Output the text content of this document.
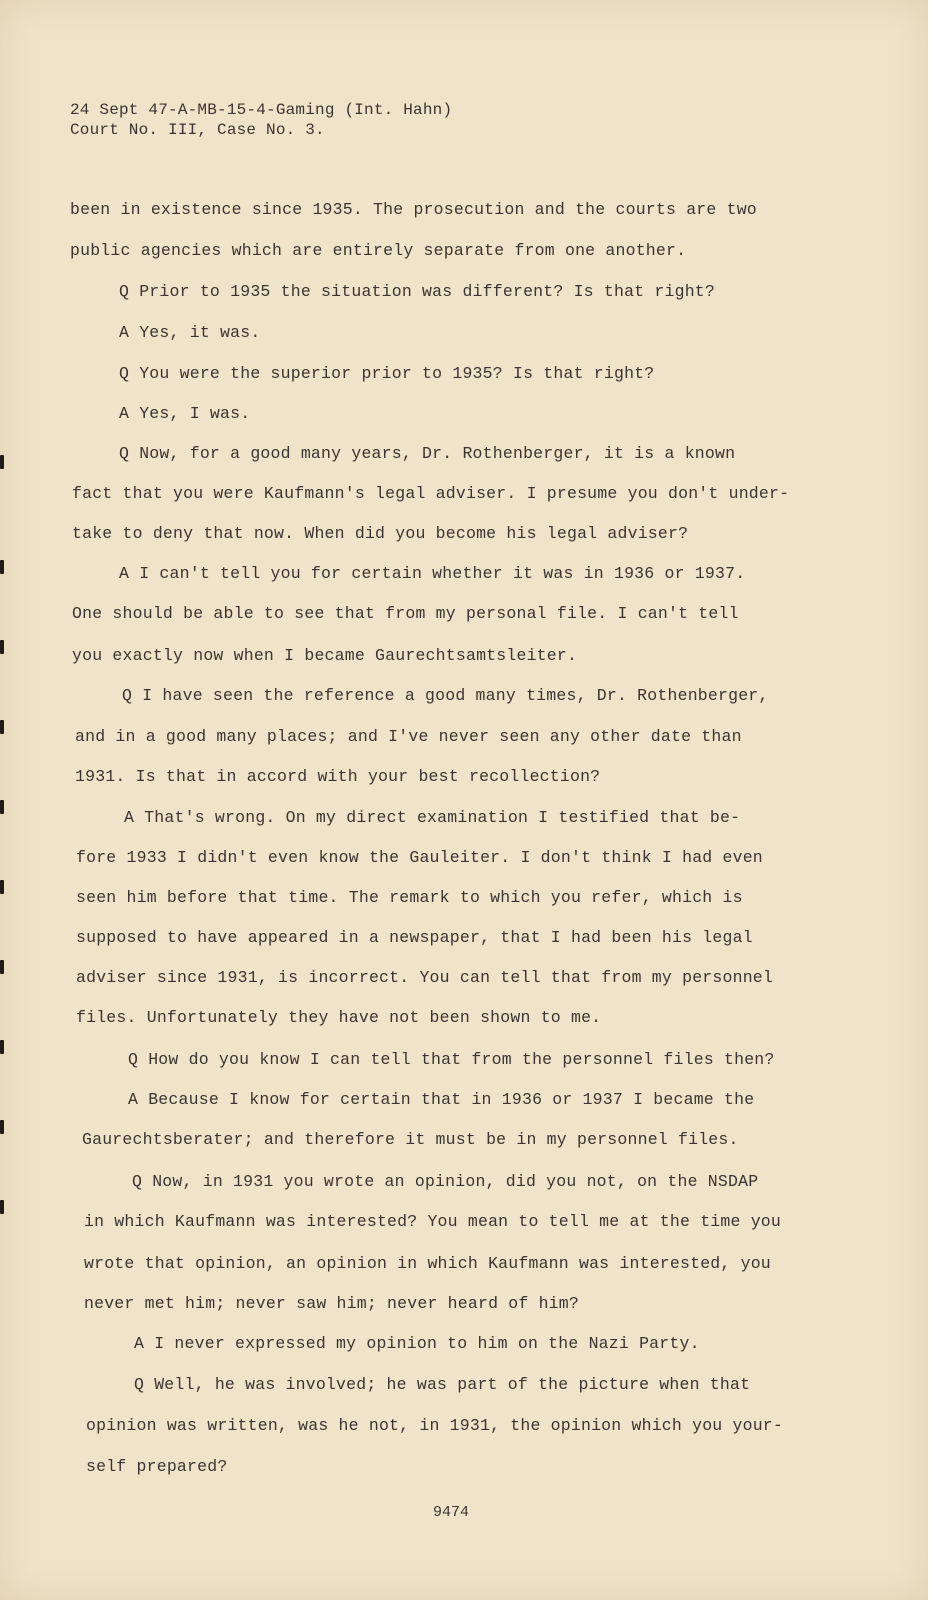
24 Sept 47-A-MB-15-4-Gaming (Int. Hahn)
Court No. III, Case No. 3.
been in existence since 1935. The prosecution and the courts are two
public agencies which are entirely separate from one another.
Q Prior to 1935 the situation was different? Is that right?
A Yes, it was.
Q You were the superior prior to 1935? Is that right?
A Yes, I was.
Q Now, for a good many years, Dr. Rothenberger, it is a known
fact that you were Kaufmann's legal adviser. I presume you don't under-
take to deny that now. When did you become his legal adviser?
A I can't tell you for certain whether it was in 1936 or 1937.
One should be able to see that from my personal file. I can't tell
you exactly now when I became Gaurechtsamtsleiter.
Q I have seen the reference a good many times, Dr. Rothenberger,
and in a good many places; and I've never seen any other date than
1931. Is that in accord with your best recollection?
A That's wrong. On my direct examination I testified that be-
fore 1933 I didn't even know the Gauleiter. I don't think I had even
seen him before that time. The remark to which you refer, which is
supposed to have appeared in a newspaper, that I had been his legal
adviser since 1931, is incorrect. You can tell that from my personnel
files. Unfortunately they have not been shown to me.
Q How do you know I can tell that from the personnel files then?
A Because I know for certain that in 1936 or 1937 I became the
Gaurechtsberater; and therefore it must be in my personnel files.
Q Now, in 1931 you wrote an opinion, did you not, on the NSDAP
in which Kaufmann was interested? You mean to tell me at the time you
wrote that opinion, an opinion in which Kaufmann was interested, you
never met him; never saw him; never heard of him?
A I never expressed my opinion to him on the Nazi Party.
Q Well, he was involved; he was part of the picture when that
opinion was written, was he not, in 1931, the opinion which you your-
self prepared?
9474
